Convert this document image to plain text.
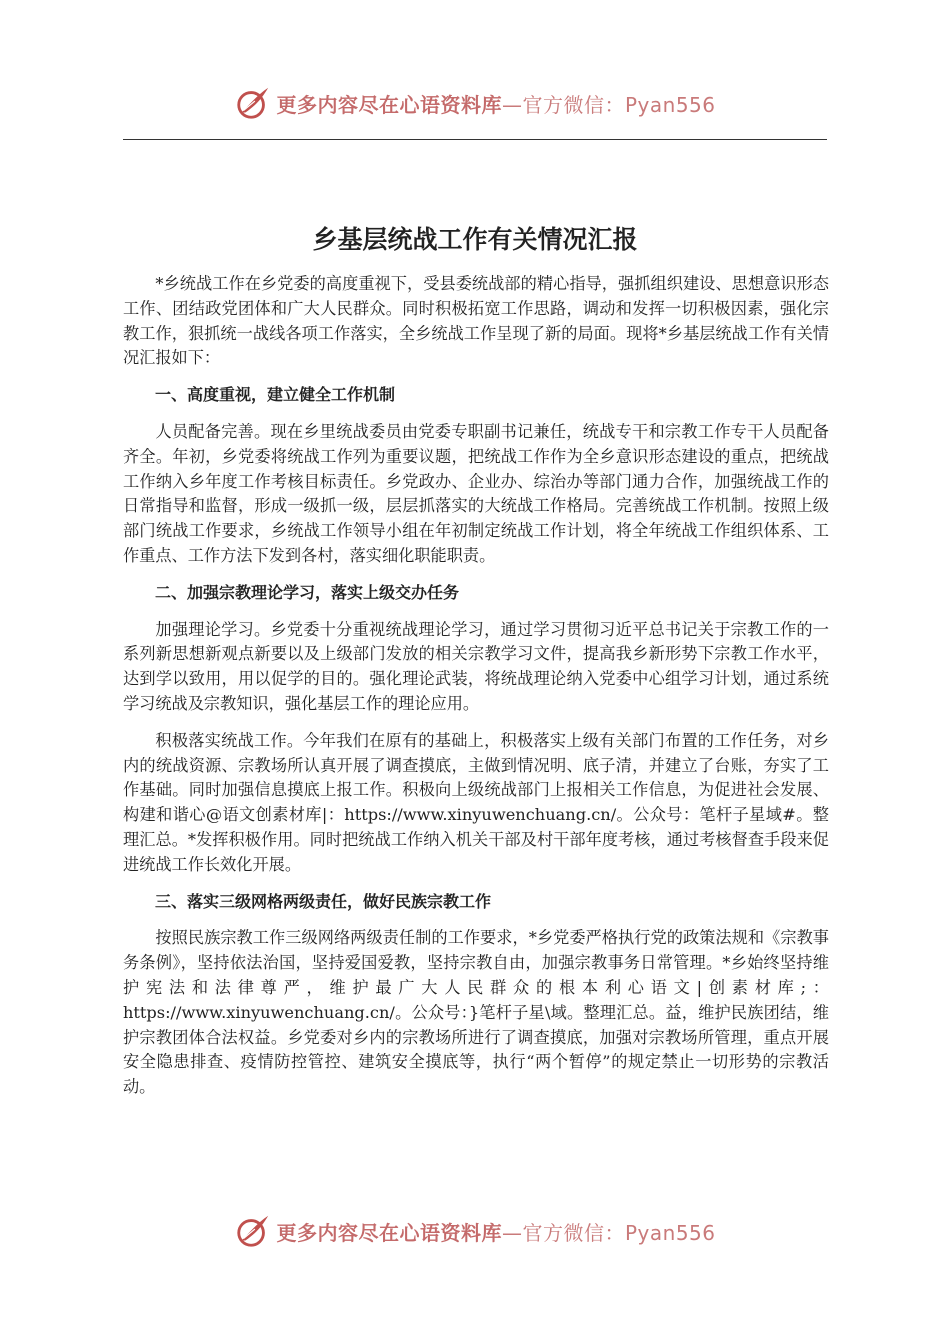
更多内容尽在心语资料库—官方微信：Pyan556
乡基层统战工作有关情况汇报

*乡统战工作在乡党委的高度重视下，受县委统战部的精心指导，强抓组织建设、思想意识形态工作、团结政党团体和广大人民群众。同时积极拓宽工作思路，调动和发挥一切积极因素，强化宗教工作，狠抓统一战线各项工作落实，全乡统战工作呈现了新的局面。现将*乡基层统战工作有关情况汇报如下：

一、高度重视，建立健全工作机制

人员配备完善。现在乡里统战委员由党委专职副书记兼任，统战专干和宗教工作专干人员配备齐全。年初，乡党委将统战工作列为重要议题，把统战工作作为全乡意识形态建设的重点，把统战工作纳入乡年度工作考核目标责任。乡党政办、企业办、综治办等部门通力合作，加强统战工作的日常指导和监督，形成一级抓一级，层层抓落实的大统战工作格局。完善统战工作机制。按照上级部门统战工作要求，乡统战工作领导小组在年初制定统战工作计划，将全年统战工作组织体系、工作重点、工作方法下发到各村，落实细化职能职责。

二、加强宗教理论学习，落实上级交办任务

加强理论学习。乡党委十分重视统战理论学习，通过学习贯彻习近平总书记关于宗教工作的一系列新思想新观点新要以及上级部门发放的相关宗教学习文件，提高我乡新形势下宗教工作水平，达到学以致用，用以促学的目的。强化理论武装，将统战理论纳入党委中心组学习计划，通过系统学习统战及宗教知识，强化基层工作的理论应用。

积极落实统战工作。今年我们在原有的基础上，积极落实上级有关部门布置的工作任务，对乡内的统战资源、宗教场所认真开展了调查摸底，主做到情况明、底子清，并建立了台账，夯实了工作基础。同时加强信息摸底上报工作。积极向上级统战部门上报相关工作信息，为促进社会发展、构建和谐心@语文创素材库|：https://www.xinyuwenchuang.cn/。公众号：笔杆子星域#。整理汇总。*发挥积极作用。同时把统战工作纳入机关干部及村干部年度考核，通过考核督查手段来促进统战工作长效化开展。

三、落实三级网格两级责任，做好民族宗教工作

按照民族宗教工作三级网络两级责任制的工作要求，*乡党委严格执行党的政策法规和《宗教事务条例》，坚持依法治国，坚持爱国爱教，坚持宗教自由，加强宗教事务日常管理。*乡始终坚持维护宪法和法律尊严，维护最广大人民群众的根本利心语文|创素材库;：https://www.xinyuwenchuang.cn/。公众号：}笔杆子星\域。整理汇总。益，维护民族团结，维护宗教团体合法权益。乡党委对乡内的宗教场所进行了调查摸底，加强对宗教场所管理，重点开展安全隐患排查、疫情防控管控、建筑安全摸底等，执行“两个暂停”的规定禁止一切形势的宗教活动。

更多内容尽在心语资料库—官方微信：Pyan556
